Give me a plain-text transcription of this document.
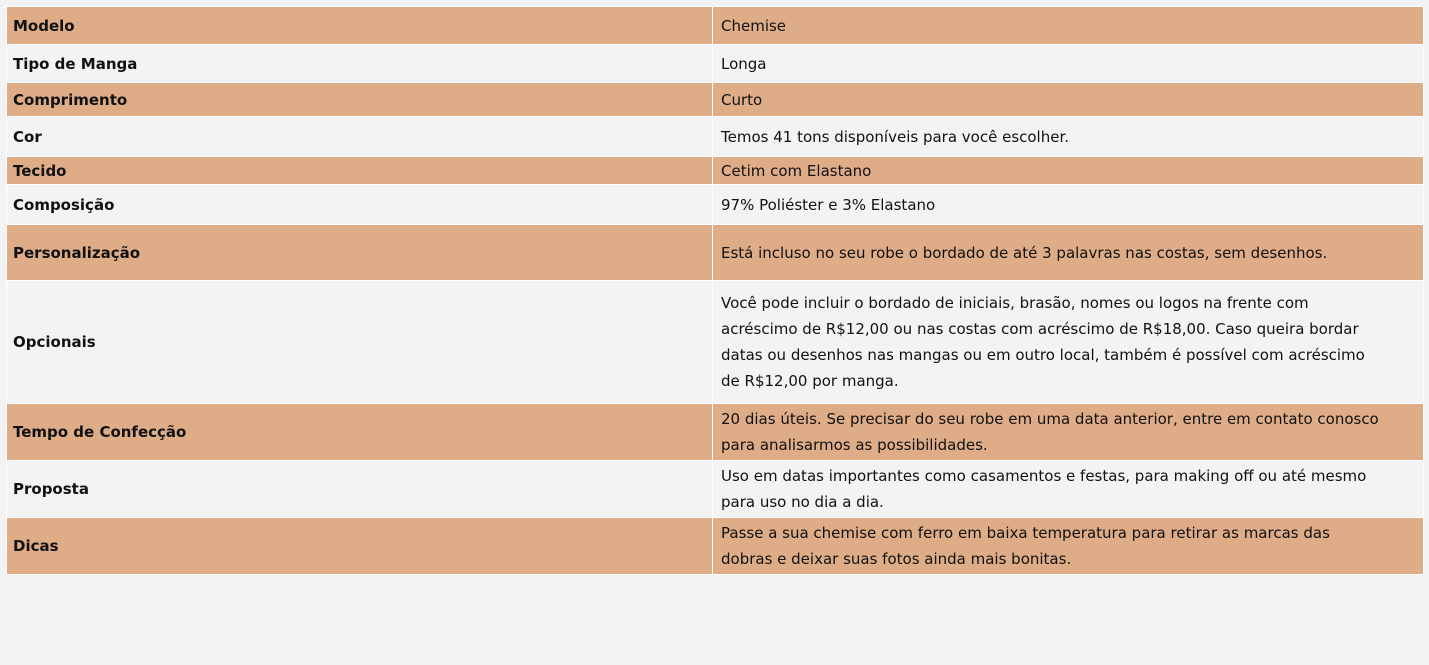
Modelo	Chemise

Tipo de Manga	Longa

Comprimento	Curto

Cor	Temos 41 tons disponíveis para você escolher.

Tecido	Cetim com Elastano

Composição	97% Poliéster e 3% Elastano

Personalização	Está incluso no seu robe o bordado de até 3 palavras nas costas, sem desenhos.

Opcionais	Você pode incluir o bordado de iniciais, brasão, nomes ou logos na frente com acréscimo de R$12,00 ou nas costas com acréscimo de R$18,00. Caso queira bordar datas ou desenhos nas mangas ou em outro local, também é possível com acréscimo de R$12,00 por manga.

Tempo de Confecção	20 dias úteis. Se precisar do seu robe em uma data anterior, entre em contato conosco para analisarmos as possibilidades.

Proposta	Uso em datas importantes como casamentos e festas, para making off ou até mesmo para uso no dia a dia.

Dicas	Passe a sua chemise com ferro em baixa temperatura para retirar as marcas das dobras e deixar suas fotos ainda mais bonitas.
